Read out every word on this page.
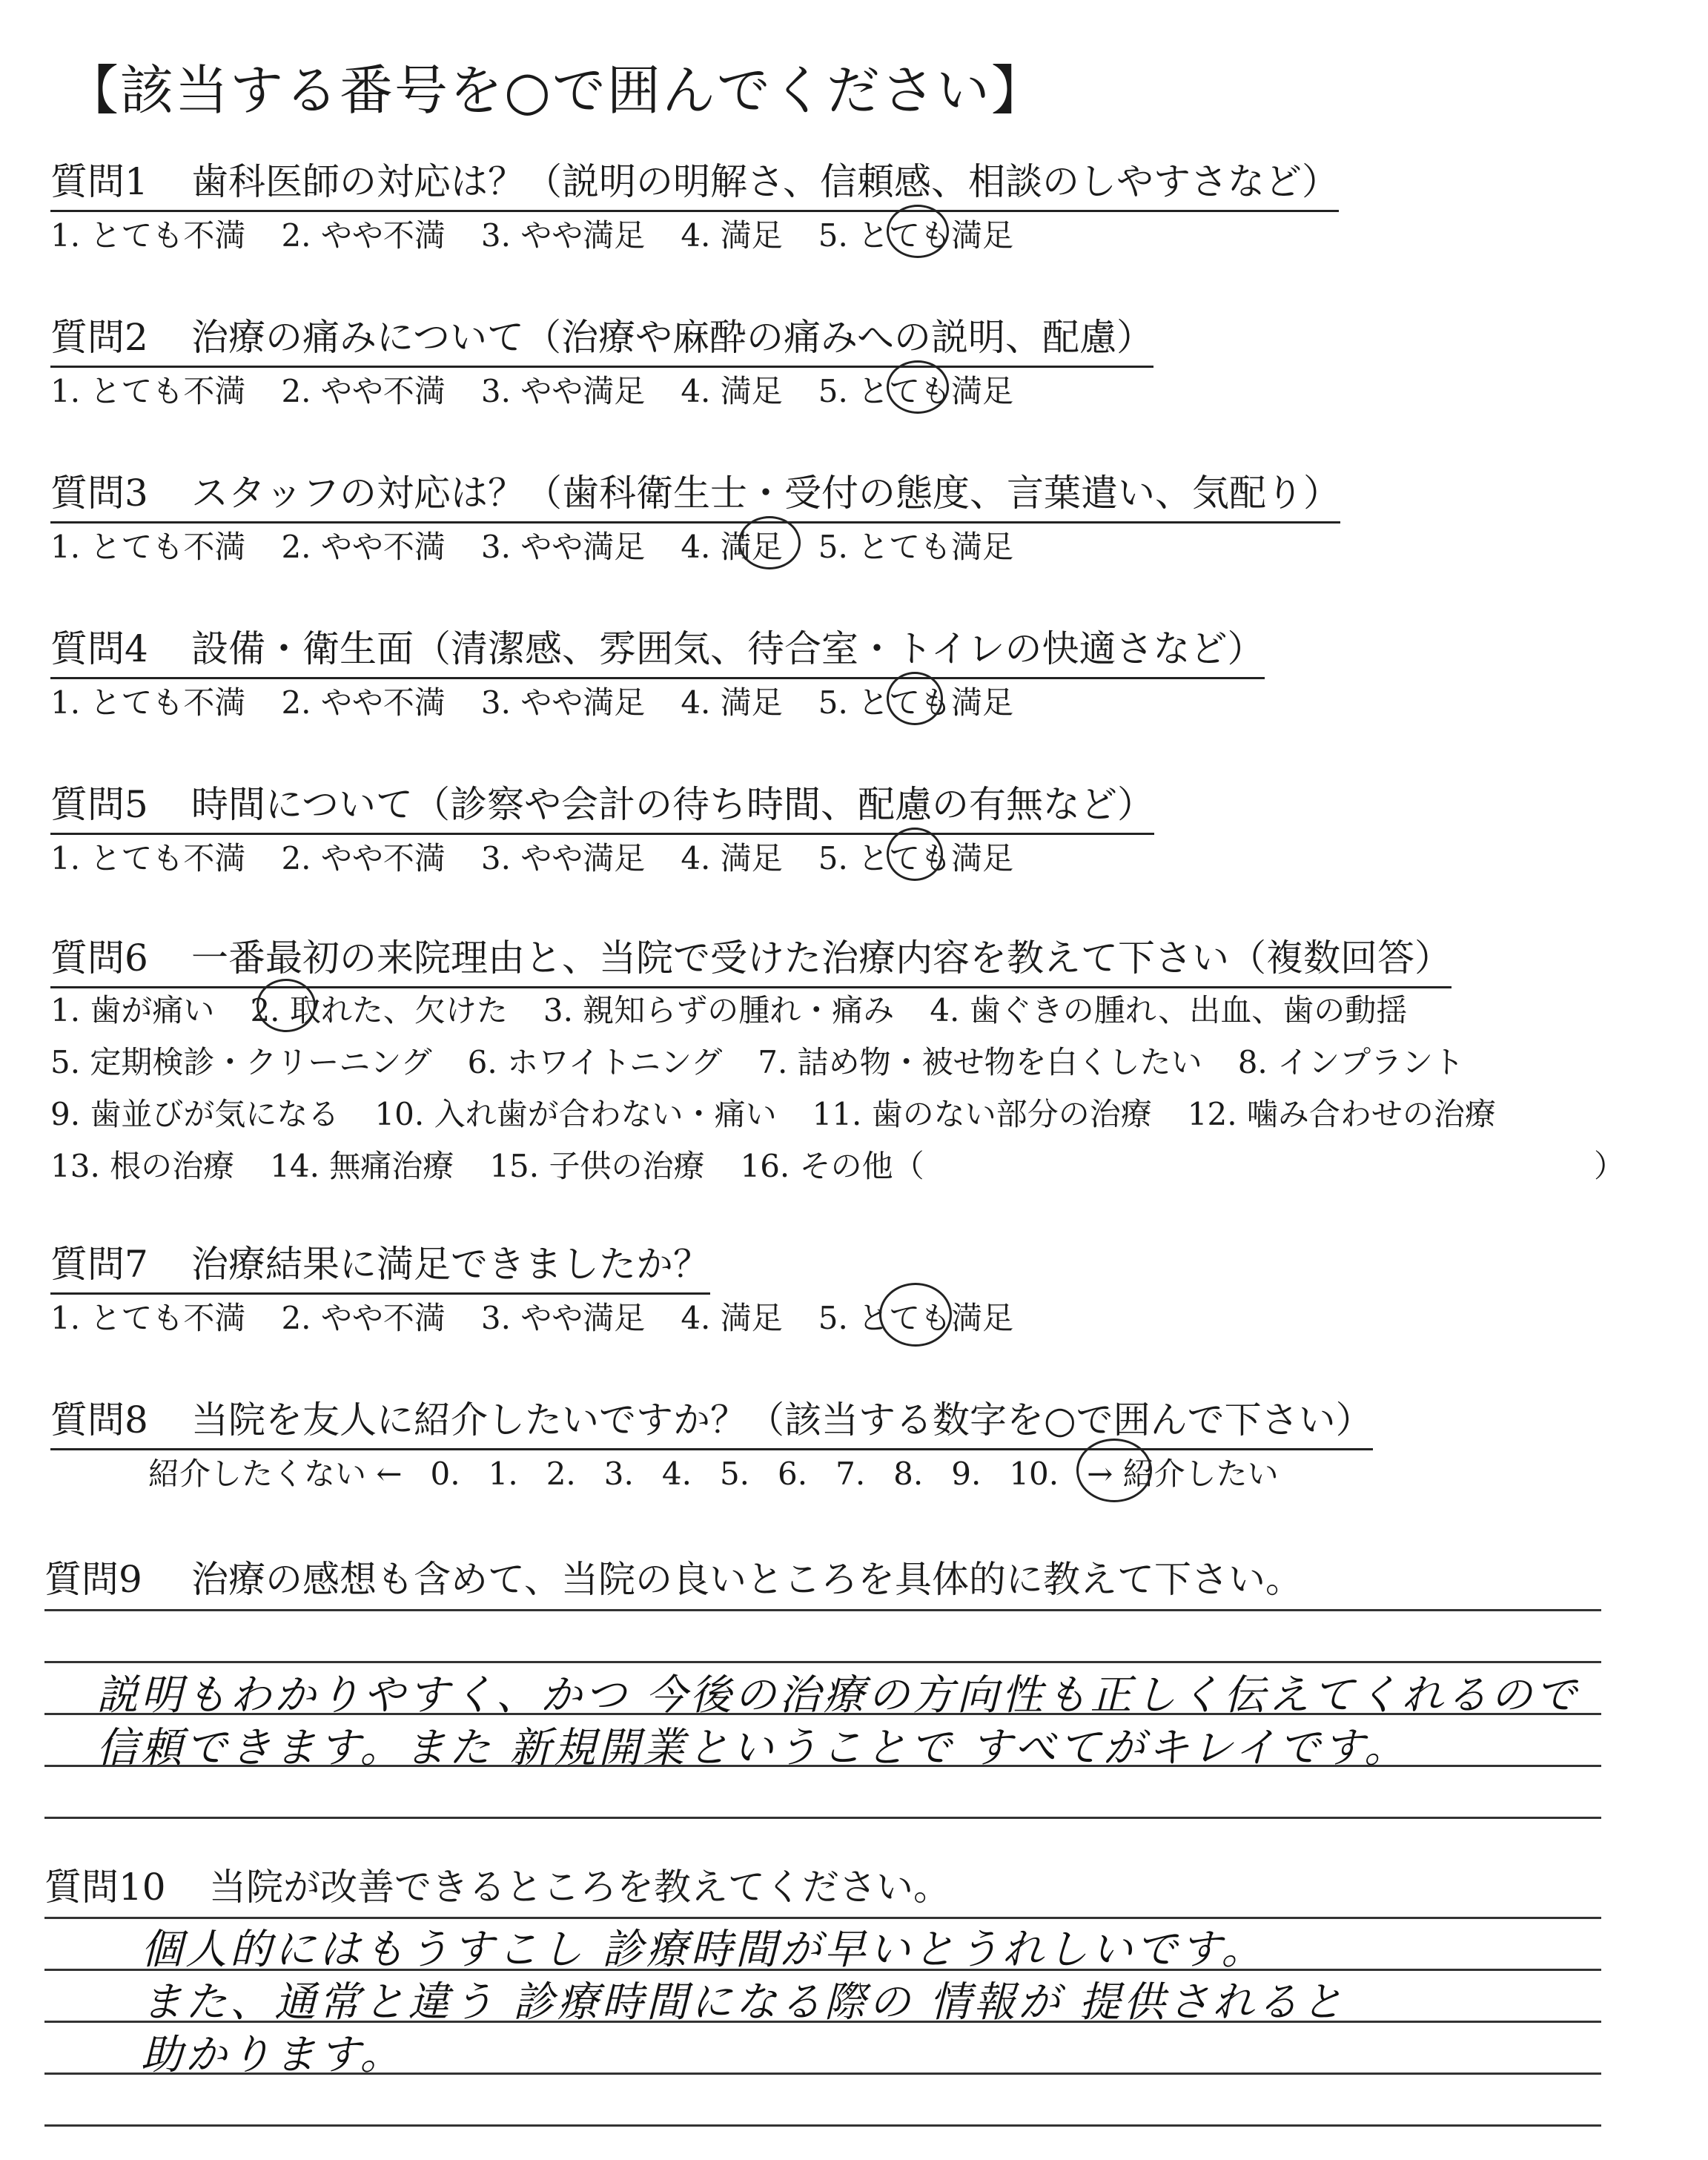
【該当する番号を○で囲んでください】
質問1 歯科医師の対応は？（説明の明解さ、信頼感、相談のしやすさなど）
1. とても不満 2. やや不満 3. やや満足 4. 満足 5. とても満足
質問2 治療の痛みについて（治療や麻酔の痛みへの説明、配慮）
1. とても不満 2. やや不満 3. やや満足 4. 満足 5. とても満足
質問3 スタッフの対応は？（歯科衛生士・受付の態度、言葉遣い、気配り）
1. とても不満 2. やや不満 3. やや満足 4. 満足 5. とても満足
質問4 設備・衛生面（清潔感、雰囲気、待合室・トイレの快適さなど）
1. とても不満 2. やや不満 3. やや満足 4. 満足 5. とても満足
質問5 時間について（診察や会計の待ち時間、配慮の有無など）
1. とても不満 2. やや不満 3. やや満足 4. 満足 5. とても満足
質問6 一番最初の来院理由と、当院で受けた治療内容を教えて下さい（複数回答）
1. 歯が痛い 2. 取れた、欠けた 3. 親知らずの腫れ・痛み 4. 歯ぐきの腫れ、出血、歯の動揺
5. 定期検診・クリーニング 6. ホワイトニング 7. 詰め物・被せ物を白くしたい 8. インプラント
9. 歯並びが気になる 10. 入れ歯が合わない・痛い 11. 歯のない部分の治療 12. 噛み合わせの治療
13. 根の治療 14. 無痛治療 15. 子供の治療 16. その他（	）
質問7 治療結果に満足できましたか？
1. とても不満 2. やや不満 3. やや満足 4. 満足 5. とても満足
質問8 当院を友人に紹介したいですか？（該当する数字を○で囲んで下さい）
紹介したくない ← 0. 1. 2. 3. 4. 5. 6. 7. 8. 9. 10. → 紹介したい
質問9 治療の感想も含めて、当院の良いところを具体的に教えて下さい。
説明もわかりやすく、かつ 今後の治療の方向性も正しく伝えてくれるので
信頼できます。また 新規開業ということで すべてがキレイです。
質問10 当院が改善できるところを教えてください。
個人的にはもうすこし 診療時間が早いとうれしいです。
また、通常と違う 診療時間になる際の 情報が 提供されると
助かります。
